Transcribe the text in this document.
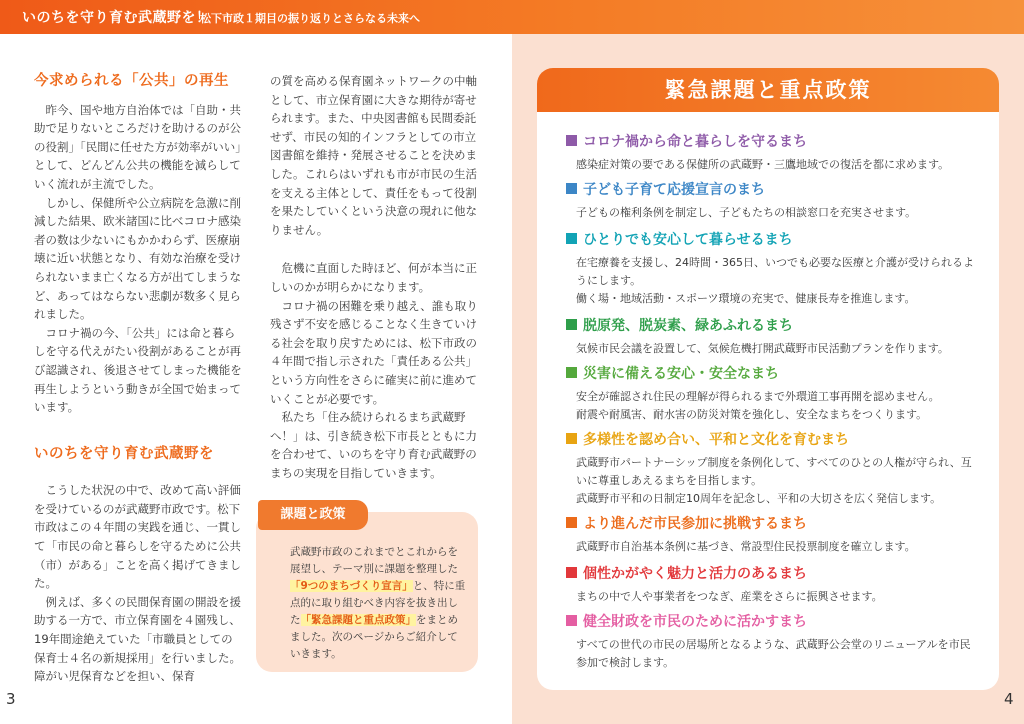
いのちを守り育む武蔵野を！
松下市政１期目の振り返りとさらなる未来へ
今求められる「公共」の再生

昨今、国や地方自治体では「自助・共助で足りないところだけを助けるのが公の役割」「民間に任せた方が効率がいい」として、どんどん公共の機能を減らしていく流れが主流でした。

しかし、保健所や公立病院を急激に削減した結果、欧米諸国に比べコロナ感染者の数は少ないにもかかわらず、医療崩壊に近い状態となり、有効な治療を受けられないまま亡くなる方が出てしまうなど、あってはならない悲劇が数多く見られました。

コロナ禍の今、「公共」には命と暮らしを守る代えがたい役割があることが再び認識され、後退させてしまった機能を再生しようという動きが全国で始まっています。

いのちを守り育む武蔵野を

こうした状況の中で、改めて高い評価を受けているのが武蔵野市政です。松下市政はこの４年間の実践を通じ、一貫して「市民の命と暮らしを守るために公共（市）がある」ことを高く掲げてきました。

例えば、多くの民間保育園の開設を援助する一方で、市立保育園を４園残し、19年間途絶えていた「市職員としての保育士４名の新規採用」を行いました。障がい児保育などを担い、保育

の質を高める保育園ネットワークの中軸として、市立保育園に大きな期待が寄せられます。また、中央図書館も民間委託せず、市民の知的インフラとしての市立図書館を維持・発展させることを決めました。これらはいずれも市が市民の生活を支える主体として、責任をもって役割を果たしていくという決意の現れに他なりません。

危機に直面した時ほど、何が本当に正しいのかが明らかになります。

コロナ禍の困難を乗り越え、誰も取り残さず不安を感じることなく生きていける社会を取り戻すためには、松下市政の４年間で指し示された「責任ある公共」という方向性をさらに確実に前に進めていくことが必要です。

私たち「住み続けられるまち武蔵野へ！」は、引き続き松下市長とともに力を合わせて、いのちを守り育む武蔵野のまちの実現を目指していきます。

課題と政策
武蔵野市政のこれまでとこれからを展望し、テーマ別に課題を整理した「9つのまちづくり宣言」と、特に重点的に取り組むべき内容を抜き出した「緊急課題と重点政策」をまとめました。次のページからご紹介していきます。
3
緊急課題と重点政策
コロナ禍から命と暮らしを守るまち
感染症対策の要である保健所の武蔵野・三鷹地域での復活を都に求めます。
子ども子育て応援宣言のまち
子どもの権利条例を制定し、子どもたちの相談窓口を充実させます。
ひとりでも安心して暮らせるまち
在宅療養を支援し、24時間・365日、いつでも必要な医療と介護が受けられるようにします。
働く場・地域活動・スポーツ環境の充実で、健康長寿を推進します。
脱原発、脱炭素、緑あふれるまち
気候市民会議を設置して、気候危機打開武蔵野市民活動プランを作ります。
災害に備える安心・安全なまち
安全が確認され住民の理解が得られるまで外環道工事再開を認めません。
耐震や耐風害、耐水害の防災対策を強化し、安全なまちをつくります。
多様性を認め合い、平和と文化を育むまち
武蔵野市パートナーシップ制度を条例化して、すべてのひとの人権が守られ、互いに尊重しあえるまちを目指します。
武蔵野市平和の日制定10周年を記念し、平和の大切さを広く発信します。
より進んだ市民参加に挑戦するまち
武蔵野市自治基本条例に基づき、常設型住民投票制度を確立します。
個性かがやく魅力と活力のあるまち
まちの中で人や事業者をつなぎ、産業をさらに振興させます。
健全財政を市民のために活かすまち
すべての世代の市民の居場所となるような、武蔵野公会堂のリニューアルを市民参加で検討します。
4
